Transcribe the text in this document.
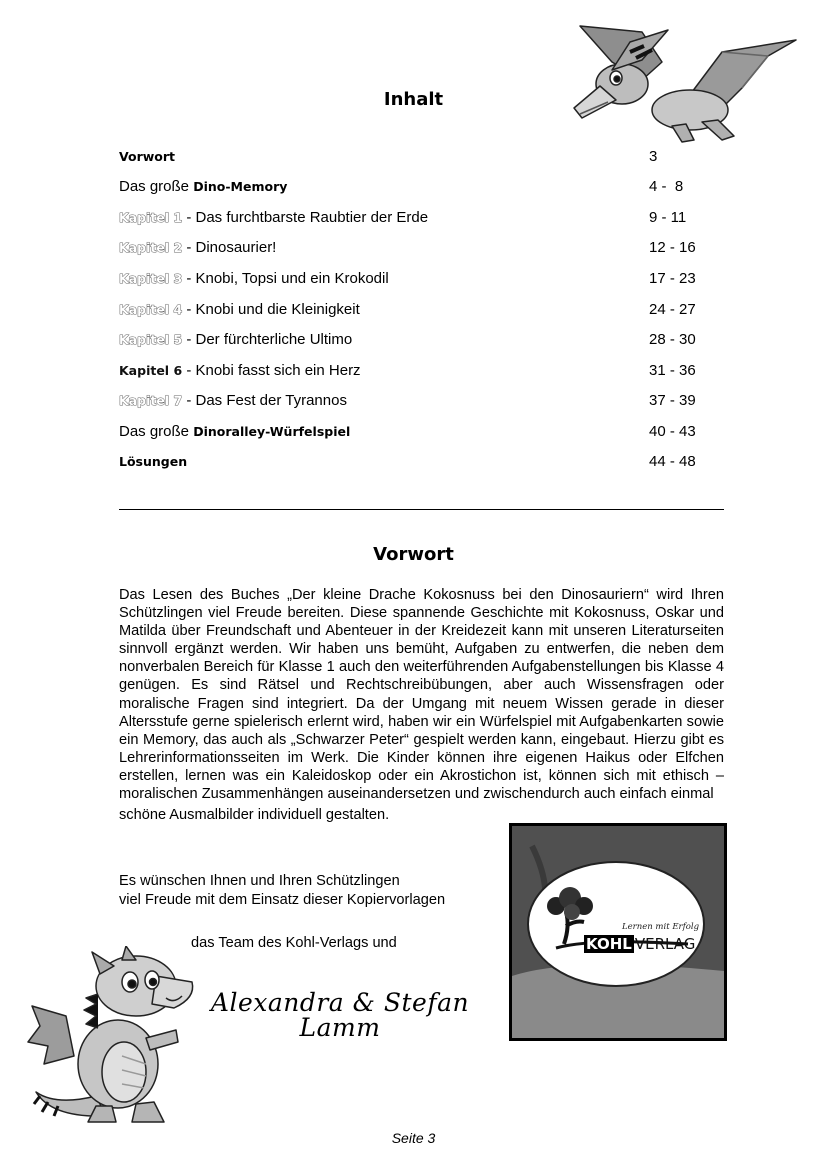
Inhalt
Vorwort	3
Das große Dino-Memory	4 -  8
Kapitel 1 - Das furchtbarste Raubtier der Erde	9 - 11
Kapitel 2 - Dinosaurier!	12 - 16
Kapitel 3 - Knobi, Topsi und ein Krokodil	17 - 23
Kapitel 4 - Knobi und die Kleinigkeit	24 - 27
Kapitel 5 - Der fürchterliche Ultimo	28 - 30
Kapitel 6 - Knobi fasst sich ein Herz	31 - 36
Kapitel 7 - Das Fest der Tyrannos	37 - 39
Das große Dinoralley-Würfelspiel	40 - 43
Lösungen	44 - 48
Vorwort

Das Lesen des Buches „Der kleine Drache Kokosnuss bei den Dinosauriern“ wird Ihren Schützlingen viel Freude bereiten. Diese spannende Geschichte mit Kokosnuss, Oskar und Matilda über Freundschaft und Abenteuer in der Kreidezeit kann mit unseren Literaturseiten sinnvoll ergänzt werden. Wir haben uns bemüht, Aufgaben zu entwerfen, die neben dem nonverbalen Bereich für Klasse 1 auch den weiterführenden Aufgabenstellungen bis Klasse 4 genügen. Es sind Rätsel und Rechtschreibübungen, aber auch Wissensfragen oder moralische Fragen sind integriert. Da der Umgang mit neuem Wissen gerade in dieser Altersstufe gerne spielerisch erlernt wird, haben wir ein Würfelspiel mit Aufgabenkarten sowie ein Memory, das auch als „Schwarzer Peter“ gespielt werden kann, eingebaut. Hierzu gibt es Lehrerinformationsseiten im Werk. Die Kinder können ihre eigenen Haikus oder Elfchen erstellen, lernen was ein Kaleidoskop oder ein Akrostichon ist, können sich mit ethisch – moralischen Zusammenhängen auseinandersetzen und zwischendurch auch einfach einmal

schöne Ausmalbilder individuell gestalten.

Es wünschen Ihnen und Ihren Schützlingen
viel Freude mit dem Einsatz dieser Kopiervorlagen
das Team des Kohl-Verlags und
Alexandra & Stefan
Lamm
Lernen mit Erfolg
KOHL VERLAG
Seite 3
